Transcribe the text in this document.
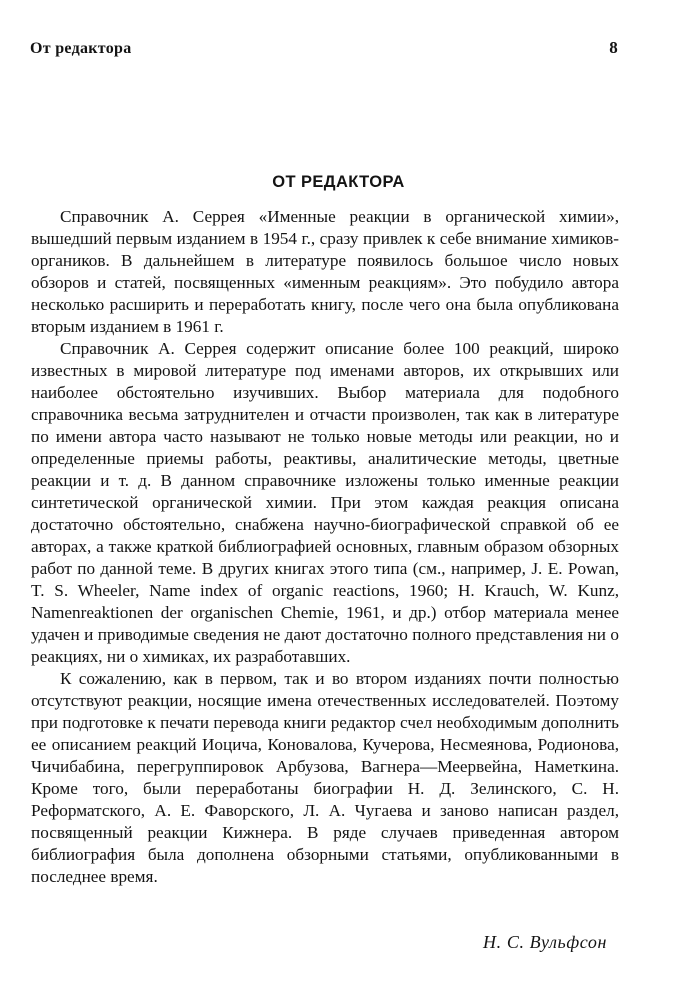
От редактора	8
ОТ РЕДАКТОРА

Справочник А. Серрея «Именные реакции в органической химии», вышедший первым изданием в 1954 г., сразу привлек к себе внимание химиков-органиков. В дальнейшем в литературе появилось большое число новых обзоров и статей, посвященных «именным реакциям». Это побудило автора несколько расширить и переработать книгу, после чего она была опубликована вторым изданием в 1961 г.

Справочник А. Серрея содержит описание более 100 реакций, широко известных в мировой литературе под именами авторов, их открывших или наиболее обстоятельно изучивших. Выбор материала для подобного справочника весьма затруднителен и отчасти произволен, так как в литературе по имени автора часто называют не только новые методы или реакции, но и определенные приемы работы, реактивы, аналитические методы, цветные реакции и т. д. В данном справочнике изложены только именные реакции синтетической органической химии. При этом каждая реакция описана достаточно обстоятельно, снабжена научно-биографической справкой об ее авторах, а также краткой библиографией основных, главным образом обзорных работ по данной теме. В других книгах этого типа (см., например, J. E. Powan, T. S. Wheeler, Name index of organic reactions, 1960; H. Krauch, W. Kunz, Namenreaktionen der organischen Chemie, 1961, и др.) отбор материала менее удачен и приводимые сведения не дают достаточно полного представления ни о реакциях, ни о химиках, их разработавших.

К сожалению, как в первом, так и во втором изданиях почти полностью отсутствуют реакции, носящие имена отечественных исследователей. Поэтому при подготовке к печати перевода книги редактор счел необходимым дополнить ее описанием реакций Иоцича, Коновалова, Кучерова, Несмеянова, Родионова, Чичибабина, перегруппировок Арбузова, Вагнера—Меервейна, Наметкина. Кроме того, были переработаны биографии Н. Д. Зелинского, С. Н. Реформатского, А. Е. Фаворского, Л. А. Чугаева и заново написан раздел, посвященный реакции Кижнера. В ряде случаев приведенная автором библиография была дополнена обзорными статьями, опубликованными в последнее время.

Н. С. Вульфсон
